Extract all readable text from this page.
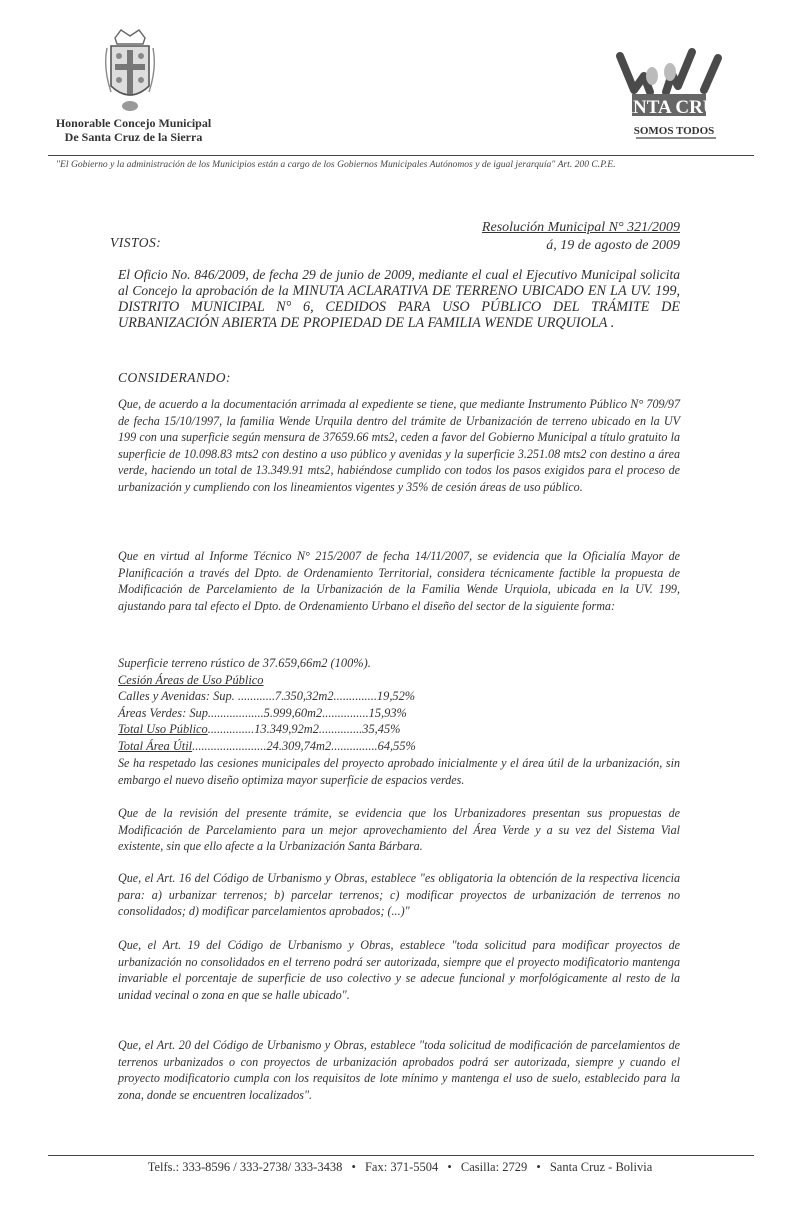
Honorable Concejo Municipal
De Santa Cruz de la Sierra
SANTA CRUZ
SOMOS TODOS
"El Gobierno y la administración de los Municipios están a cargo de los Gobiernos Municipales Autónomos y de igual jerarquía" Art. 200 C.P.E.
Resolución Municipal N° 321/2009
á, 19 de agosto de 2009
VISTOS:
El Oficio No. 846/2009, de fecha 29 de junio de 2009, mediante el cual el Ejecutivo Municipal solicita al Concejo la aprobación de la MINUTA ACLARATIVA DE TERRENO UBICADO EN LA UV. 199, DISTRITO MUNICIPAL N° 6, CEDIDOS PARA USO PÚBLICO DEL TRÁMITE DE URBANIZACIÓN ABIERTA DE PROPIEDAD DE LA FAMILIA WENDE URQUIOLA .
CONSIDERANDO:
Que, de acuerdo a la documentación arrimada al expediente se tiene, que mediante Instrumento Público N° 709/97 de fecha 15/10/1997, la familia Wende Urquila dentro del trámite de Urbanización de terreno ubicado en la UV 199 con una superficie según mensura de 37659.66 mts2, ceden a favor del Gobierno Municipal a título gratuito la superficie de 10.098.83 mts2 con destino a uso público y avenidas y la superficie 3.251.08 mts2 con destino a área verde, haciendo un total de 13.349.91 mts2, habiéndose cumplido con todos los pasos exigidos para el proceso de urbanización y cumpliendo con los lineamientos vigentes y 35% de cesión áreas de uso público.
Que en virtud al Informe Técnico N° 215/2007 de fecha 14/11/2007, se evidencia que la Oficialía Mayor de Planificación a través del Dpto. de Ordenamiento Territorial, considera técnicamente factible la propuesta de Modificación de Parcelamiento de la Urbanización de la Familia Wende Urquiola, ubicada en la UV. 199, ajustando para tal efecto el Dpto. de Ordenamiento Urbano el diseño del sector de la siguiente forma:
Superficie terreno rústico de 37.659,66m2 (100%).
Cesión Áreas de Uso Público
Calles y Avenidas: Sup. ............7.350,32m2..............19,52%
Áreas Verdes: Sup..................5.999,60m2...............15,93%
Total Uso Público...............13.349,92m2..............35,45%
Total Área Útil........................24.309,74m2...............64,55%
Se ha respetado las cesiones municipales del proyecto aprobado inicialmente y el área útil de la urbanización, sin embargo el nuevo diseño optimiza mayor superficie de espacios verdes.
Que de la revisión del presente trámite, se evidencia que los Urbanizadores presentan sus propuestas de Modificación de Parcelamiento para un mejor aprovechamiento del Área Verde y a su vez del Sistema Vial existente, sin que ello afecte a la Urbanización Santa Bárbara.
Que, el Art. 16 del Código de Urbanismo y Obras, establece "es obligatoria la obtención de la respectiva licencia para: a) urbanizar terrenos; b) parcelar terrenos; c) modificar proyectos de urbanización de terrenos no consolidados; d) modificar parcelamientos aprobados; (...)"
Que, el Art. 19 del Código de Urbanismo y Obras, establece "toda solicitud para modificar proyectos de urbanización no consolidados en el terreno podrá ser autorizada, siempre que el proyecto modificatorio mantenga invariable el porcentaje de superficie de uso colectivo y se adecue funcional y morfológicamente al resto de la unidad vecinal o zona en que se halle ubicado".
Que, el Art. 20 del Código de Urbanismo y Obras, establece "toda solicitud de modificación de parcelamientos de terrenos urbanizados o con proyectos de urbanización aprobados podrá ser autorizada, siempre y cuando el proyecto modificatorio cumpla con los requisitos de lote mínimo y mantenga el uso de suelo, establecido para la zona, donde se encuentren localizados".
Telfs.: 333-8596 / 333-2738/ 333-3438 • Fax: 371-5504 • Casilla: 2729 • Santa Cruz - Bolivia
